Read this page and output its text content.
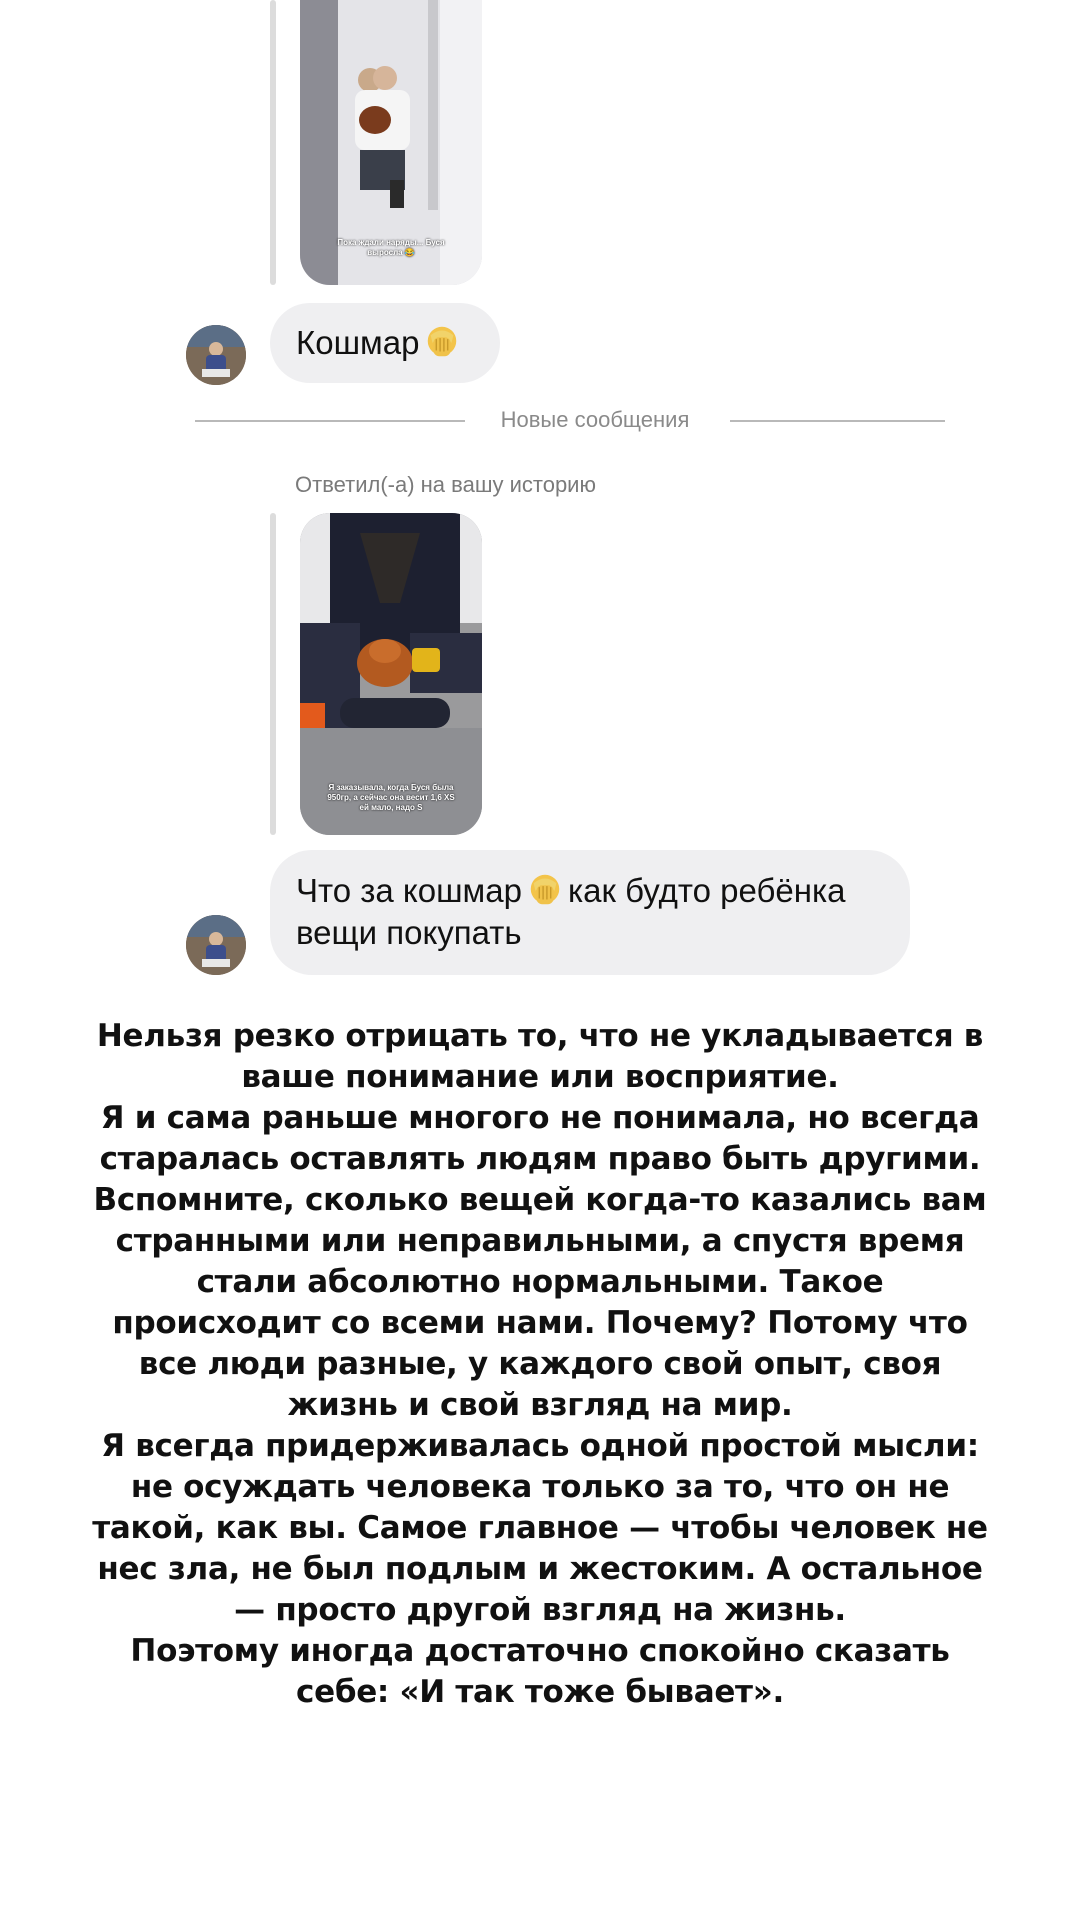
Пока ждали наряды... Буся выросла 😂
Кошмар
Новые сообщения
Ответил(-а) на вашу историю
Я заказывала, когда Буся была 950гр, а сейчас она весит 1,6 XS ей мало, надо S
Что за кошмар как будто ребёнка
вещи покупать
Нельзя резко отрицать то, что не укладывается в
ваше понимание или восприятие.
Я и сама раньше многого не понимала, но всегда
старалась оставлять людям право быть другими.
Вспомните, сколько вещей когда-то казались вам
странными или неправильными, а спустя время
стали абсолютно нормальными. Такое
происходит со всеми нами. Почему? Потому что
все люди разные, у каждого свой опыт, своя
жизнь и свой взгляд на мир.
Я всегда придерживалась одной простой мысли:
не осуждать человека только за то, что он не
такой, как вы. Самое главное — чтобы человек не
нес зла, не был подлым и жестоким. А остальное
— просто другой взгляд на жизнь.
Поэтому иногда достаточно спокойно сказать
себе: «И так тоже бывает».
